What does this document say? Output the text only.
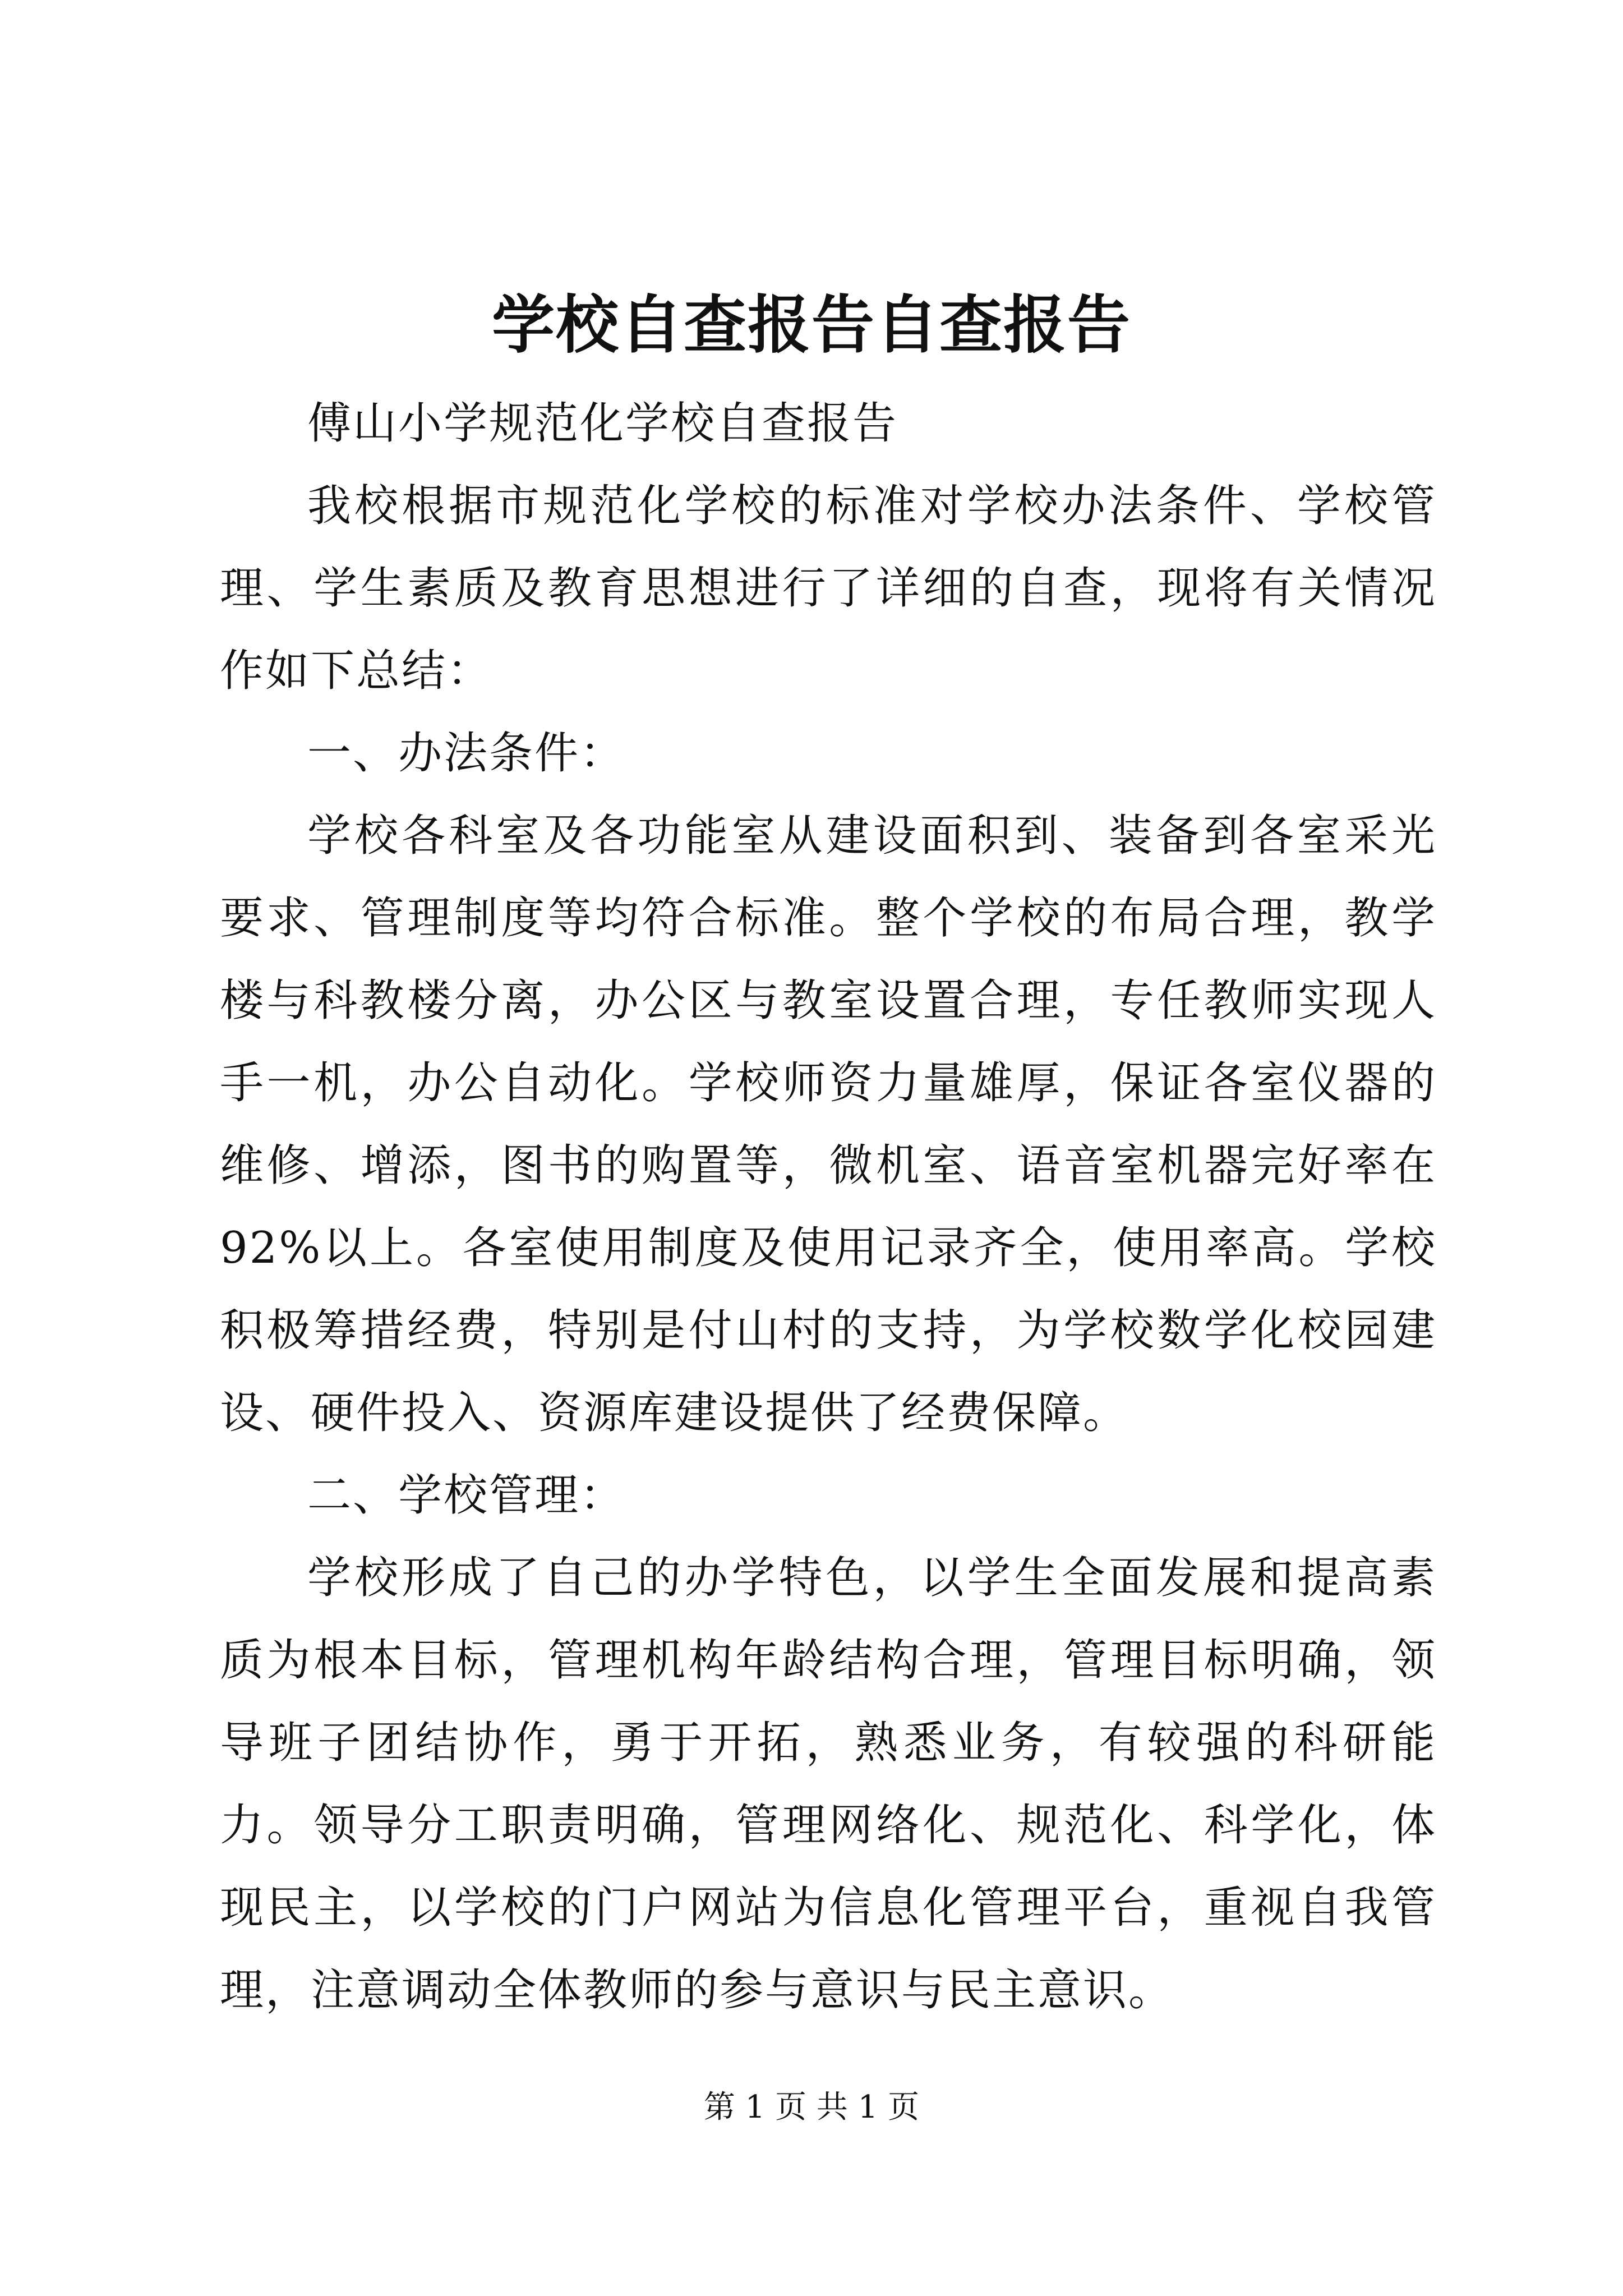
学校自查报告自查报告

傅山小学规范化学校自查报告

我校根据市规范化学校的标准对学校办法条件、学校管理、学生素质及教育思想进行了详细的自查，现将有关情况作如下总结：

一、办法条件：

学校各科室及各功能室从建设面积到、装备到各室采光要求、管理制度等均符合标准。整个学校的布局合理，教学楼与科教楼分离，办公区与教室设置合理，专任教师实现人手一机，办公自动化。学校师资力量雄厚，保证各室仪器的维修、增添，图书的购置等，微机室、语音室机器完好率在92%以上。各室使用制度及使用记录齐全，使用率高。学校积极筹措经费，特别是付山村的支持，为学校数学化校园建设、硬件投入、资源库建设提供了经费保障。

二、学校管理：

学校形成了自己的办学特色，以学生全面发展和提高素质为根本目标，管理机构年龄结构合理，管理目标明确，领导班子团结协作，勇于开拓，熟悉业务，有较强的科研能力。领导分工职责明确，管理网络化、规范化、科学化，体现民主，以学校的门户网站为信息化管理平台，重视自我管理，注意调动全体教师的参与意识与民主意识。

第 1 页 共 1 页
